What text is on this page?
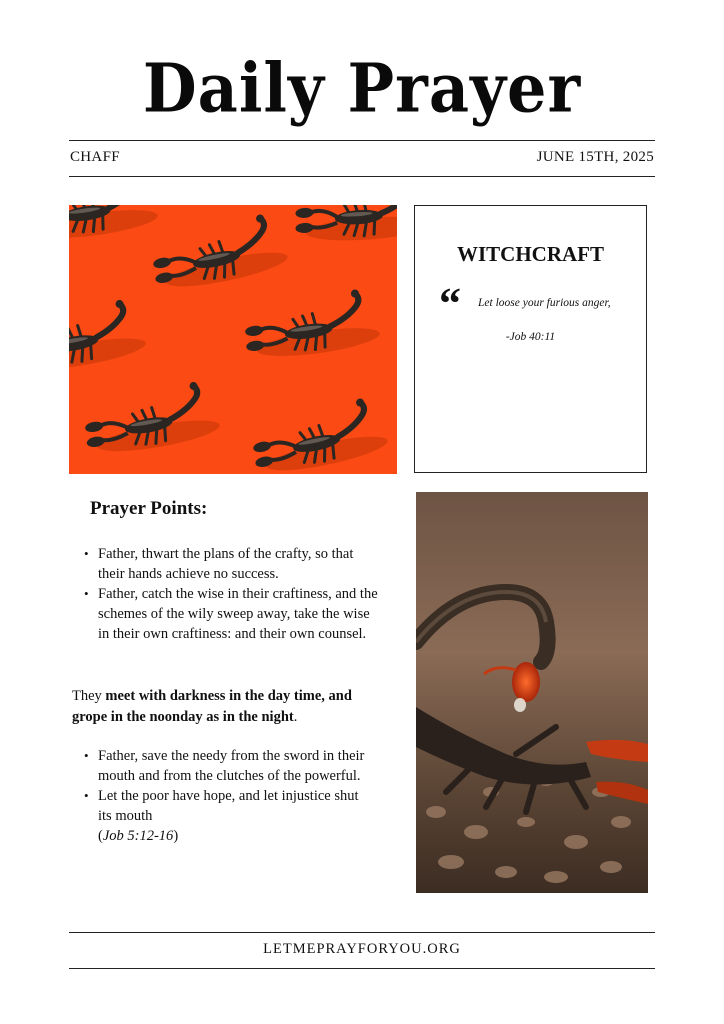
Daily Prayer
CHAFF	JUNE 15TH, 2025
WITCHCRAFT
“ Let loose your furious anger,
-Job 40:11
Prayer Points:
• Father, thwart the plans of the crafty, so that their hands achieve no success.
• Father, catch the wise in their craftiness, and the schemes of the wily sweep away, take the wise in their own craftiness: and their own counsel.
They meet with darkness in the day time, and grope in the noonday as in the night.
• Father, save the needy from the sword in their mouth and from the clutches of the powerful.
• Let the poor have hope, and let injustice shut its mouth
(Job 5:12-16)
LETMEPRAYFORYOU.ORG
